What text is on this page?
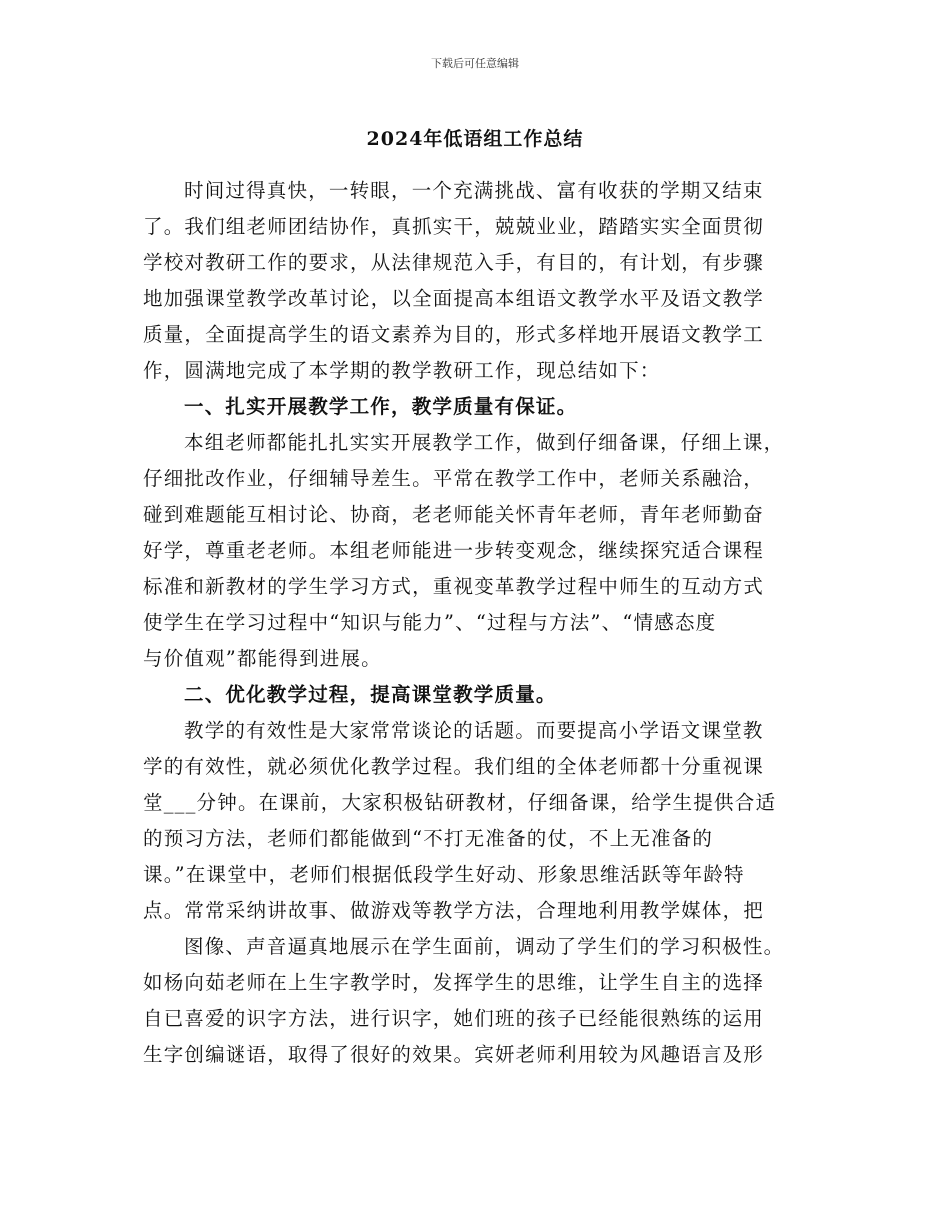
下载后可任意编辑
2024年低语组工作总结
时间过得真快，一转眼，一个充满挑战、富有收获的学期又结束
了。我们组老师团结协作，真抓实干，兢兢业业，踏踏实实全面贯彻
学校对教研工作的要求，从法律规范入手，有目的，有计划，有步骤
地加强课堂教学改革讨论，以全面提高本组语文教学水平及语文教学
质量，全面提高学生的语文素养为目的，形式多样地开展语文教学工
作，圆满地完成了本学期的教学教研工作，现总结如下：
一、扎实开展教学工作，教学质量有保证。
本组老师都能扎扎实实开展教学工作，做到仔细备课，仔细上课，
仔细批改作业，仔细辅导差生。平常在教学工作中，老师关系融洽，
碰到难题能互相讨论、协商，老老师能关怀青年老师，青年老师勤奋
好学，尊重老老师。本组老师能进一步转变观念，继续探究适合课程
标准和新教材的学生学习方式，重视变革教学过程中师生的互动方式
使学生在学习过程中“知识与能力”、“过程与方法”、“情感态度
与价值观”都能得到进展。
二、优化教学过程，提高课堂教学质量。
教学的有效性是大家常常谈论的话题。而要提高小学语文课堂教
学的有效性，就必须优化教学过程。我们组的全体老师都十分重视课
堂___分钟。在课前，大家积极钻研教材，仔细备课，给学生提供合适
的预习方法，老师们都能做到“不打无准备的仗，不上无准备的
课。”在课堂中，老师们根据低段学生好动、形象思维活跃等年龄特
点。常常采纳讲故事、做游戏等教学方法，合理地利用教学媒体，把
图像、声音逼真地展示在学生面前，调动了学生们的学习积极性。
如杨向茹老师在上生字教学时，发挥学生的思维，让学生自主的选择
自已喜爱的识字方法，进行识字，她们班的孩子已经能很熟练的运用
生字创编谜语，取得了很好的效果。宾妍老师利用较为风趣语言及形
